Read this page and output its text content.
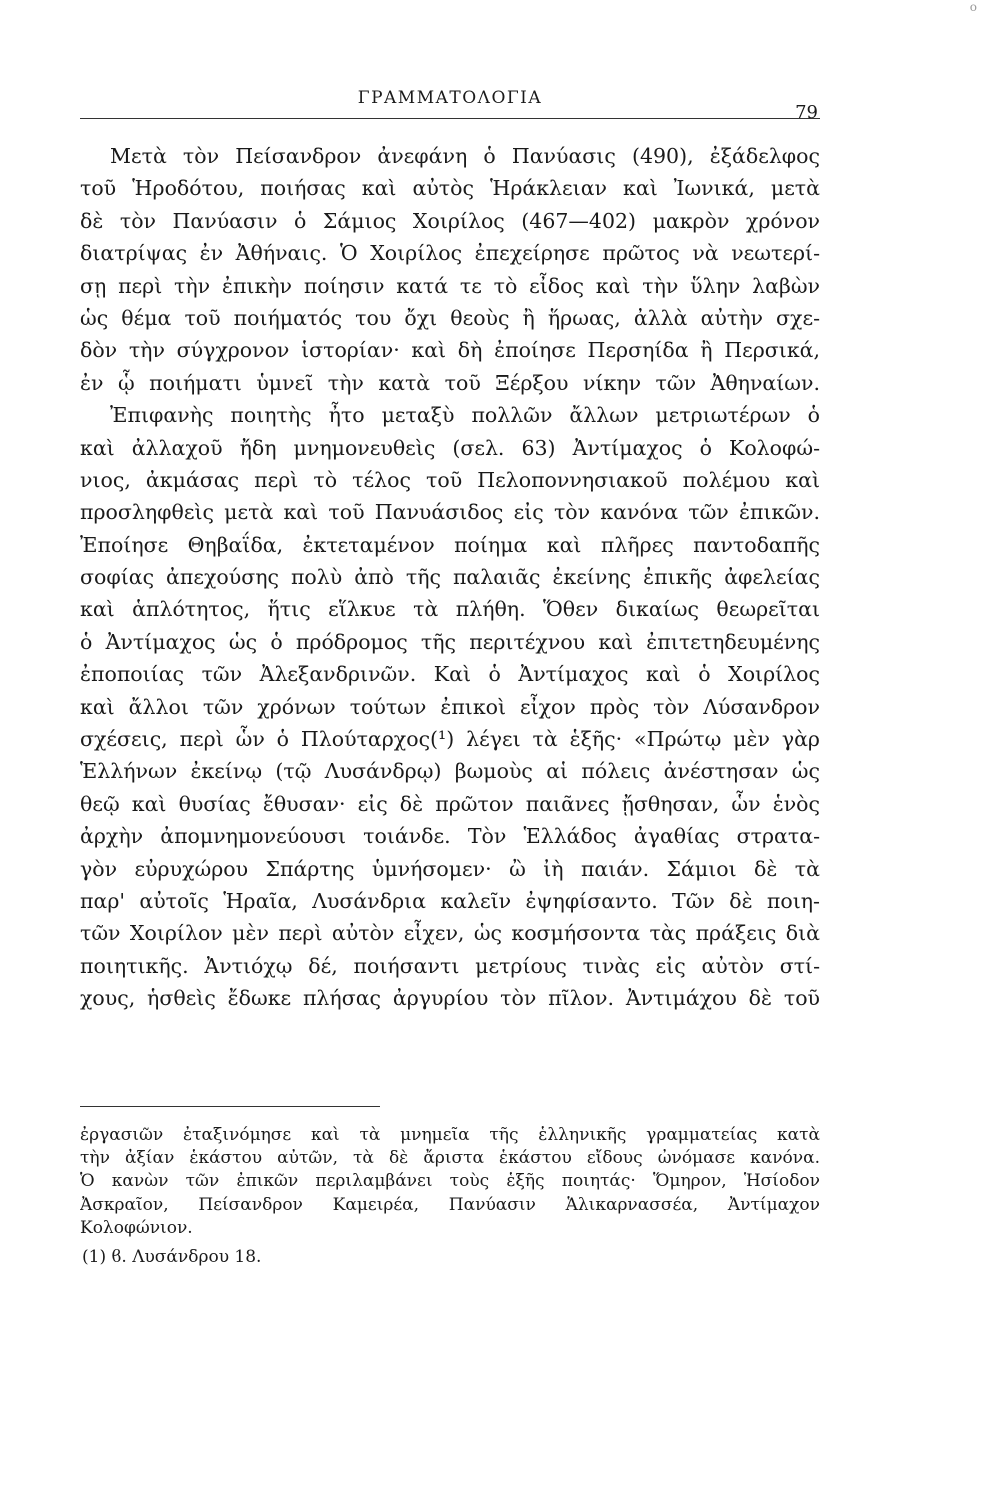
o
ΓΡΑΜΜΑΤΟΛΟΓΙΑ
79
Μετὰ τὸν Πείσανδρον ἀνεφάνη ὁ Πανύασις (490), ἐξάδελφος
τοῦ Ἡροδότου, ποιήσας καὶ αὐτὸς Ἡράκλειαν καὶ Ἰωνικά, μετὰ
δὲ τὸν Πανύασιν ὁ Σάμιος Χοιρίλος (467—402) μακρὸν χρόνον
διατρίψας ἐν Ἀθήναις. Ὁ Χοιρίλος ἐπεχείρησε πρῶτος νὰ νεωτερί-
σῃ περὶ τὴν ἐπικὴν ποίησιν κατά τε τὸ εἶδος καὶ τὴν ὕλην λαβὼν
ὡς θέμα τοῦ ποιήματός του ὄχι θεοὺς ἢ ἥρωας, ἀλλὰ αὐτὴν σχε-
δὸν τὴν σύγχρονον ἱστορίαν· καὶ δὴ ἐποίησε Περσηίδα ἢ Περσικά,
ἐν ᾧ ποιήματι ὑμνεῖ τὴν κατὰ τοῦ Ξέρξου νίκην τῶν Ἀθηναίων.
Ἐπιφανὴς ποιητὴς ἦτο μεταξὺ πολλῶν ἄλλων μετριωτέρων ὁ
καὶ ἀλλαχοῦ ἤδη μνημονευθεὶς (σελ. 63) Ἀντίμαχος ὁ Κολοφώ-
νιος, ἀκμάσας περὶ τὸ τέλος τοῦ Πελοποννησιακοῦ πολέμου καὶ
προσληφθεὶς μετὰ καὶ τοῦ Πανυάσιδος εἰς τὸν κανόνα τῶν ἐπικῶν.
Ἐποίησε Θηβαΐδα, ἐκτεταμένον ποίημα καὶ πλῆρες παντοδαπῆς
σοφίας ἀπεχούσης πολὺ ἀπὸ τῆς παλαιᾶς ἐκείνης ἐπικῆς ἀφελείας
καὶ ἁπλότητος, ἥτις εἵλκυε τὰ πλήθη. Ὅθεν δικαίως θεωρεῖται
ὁ Ἀντίμαχος ὡς ὁ πρόδρομος τῆς περιτέχνου καὶ ἐπιτετηδευμένης
ἐποποιίας τῶν Ἀλεξανδρινῶν. Καὶ ὁ Ἀντίμαχος καὶ ὁ Χοιρίλος
καὶ ἄλλοι τῶν χρόνων τούτων ἐπικοὶ εἶχον πρὸς τὸν Λύσανδρον
σχέσεις, περὶ ὧν ὁ Πλούταρχος(¹) λέγει τὰ ἑξῆς· «Πρώτῳ μὲν γὰρ
Ἑλλήνων ἐκείνῳ (τῷ Λυσάνδρῳ) βωμοὺς αἱ πόλεις ἀνέστησαν ὡς
θεῷ καὶ θυσίας ἔθυσαν· εἰς δὲ πρῶτον παιᾶνες ᾔσθησαν, ὧν ἑνὸς
ἀρχὴν ἀπομνημονεύουσι τοιάνδε. Τὸν Ἑλλάδος ἀγαθίας στρατα-
γὸν εὐρυχώρου Σπάρτης ὑμνήσομεν· ὢ ἰὴ παιάν. Σάμιοι δὲ τὰ
παρ' αὐτοῖς Ἡραῖα, Λυσάνδρια καλεῖν ἐψηφίσαντο. Τῶν δὲ ποιη-
τῶν Χοιρίλον μὲν περὶ αὐτὸν εἶχεν, ὡς κοσμήσοντα τὰς πράξεις διὰ
ποιητικῆς. Ἀντιόχῳ δέ, ποιήσαντι μετρίους τινὰς εἰς αὐτὸν στί-
χους, ἡσθεὶς ἔδωκε πλήσας ἀργυρίου τὸν πῖλον. Ἀντιμάχου δὲ τοῦ
ἐργασιῶν ἐταξινόμησε καὶ τὰ μνημεῖα τῆς ἑλληνικῆς γραμματείας κατὰ
τὴν ἀξίαν ἑκάστου αὐτῶν, τὰ δὲ ἄριστα ἑκάστου εἴδους ὠνόμασε κανόνα.
Ὁ κανὼν τῶν ἐπικῶν περιλαμβάνει τοὺς ἑξῆς ποιητάς· Ὅμηρον, Ἡσίοδον
Ἀσκραῖον, Πείσανδρον Καμειρέα, Πανύασιν Ἁλικαρνασσέα, Ἀντίμαχον
Κολοφώνιον.
(1) ϐ. Λυσάνδρου 18.
